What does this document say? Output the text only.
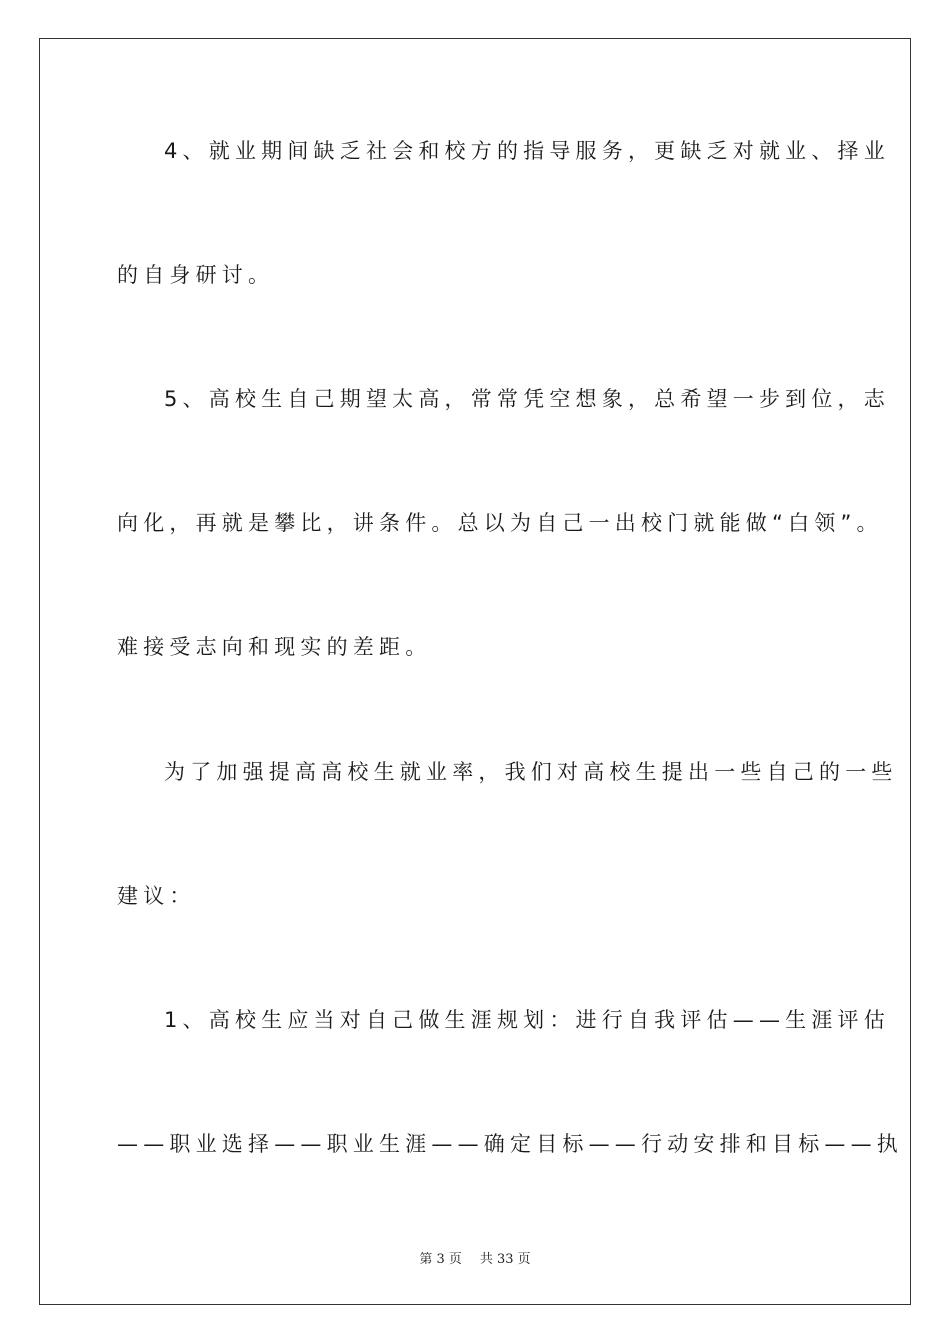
4、就业期间缺乏社会和校方的指导服务，更缺乏对就业、择业
的自身研讨。
5、高校生自己期望太高，常常凭空想象，总希望一步到位，志
向化，再就是攀比，讲条件。总以为自己一出校门就能做“白领”。
难接受志向和现实的差距。
为了加强提高高校生就业率，我们对高校生提出一些自己的一些
建议：
1、高校生应当对自己做生涯规划：进行自我评估——生涯评估
——职业选择——职业生涯——确定目标——行动安排和目标——执
第 3 页 共 33 页
